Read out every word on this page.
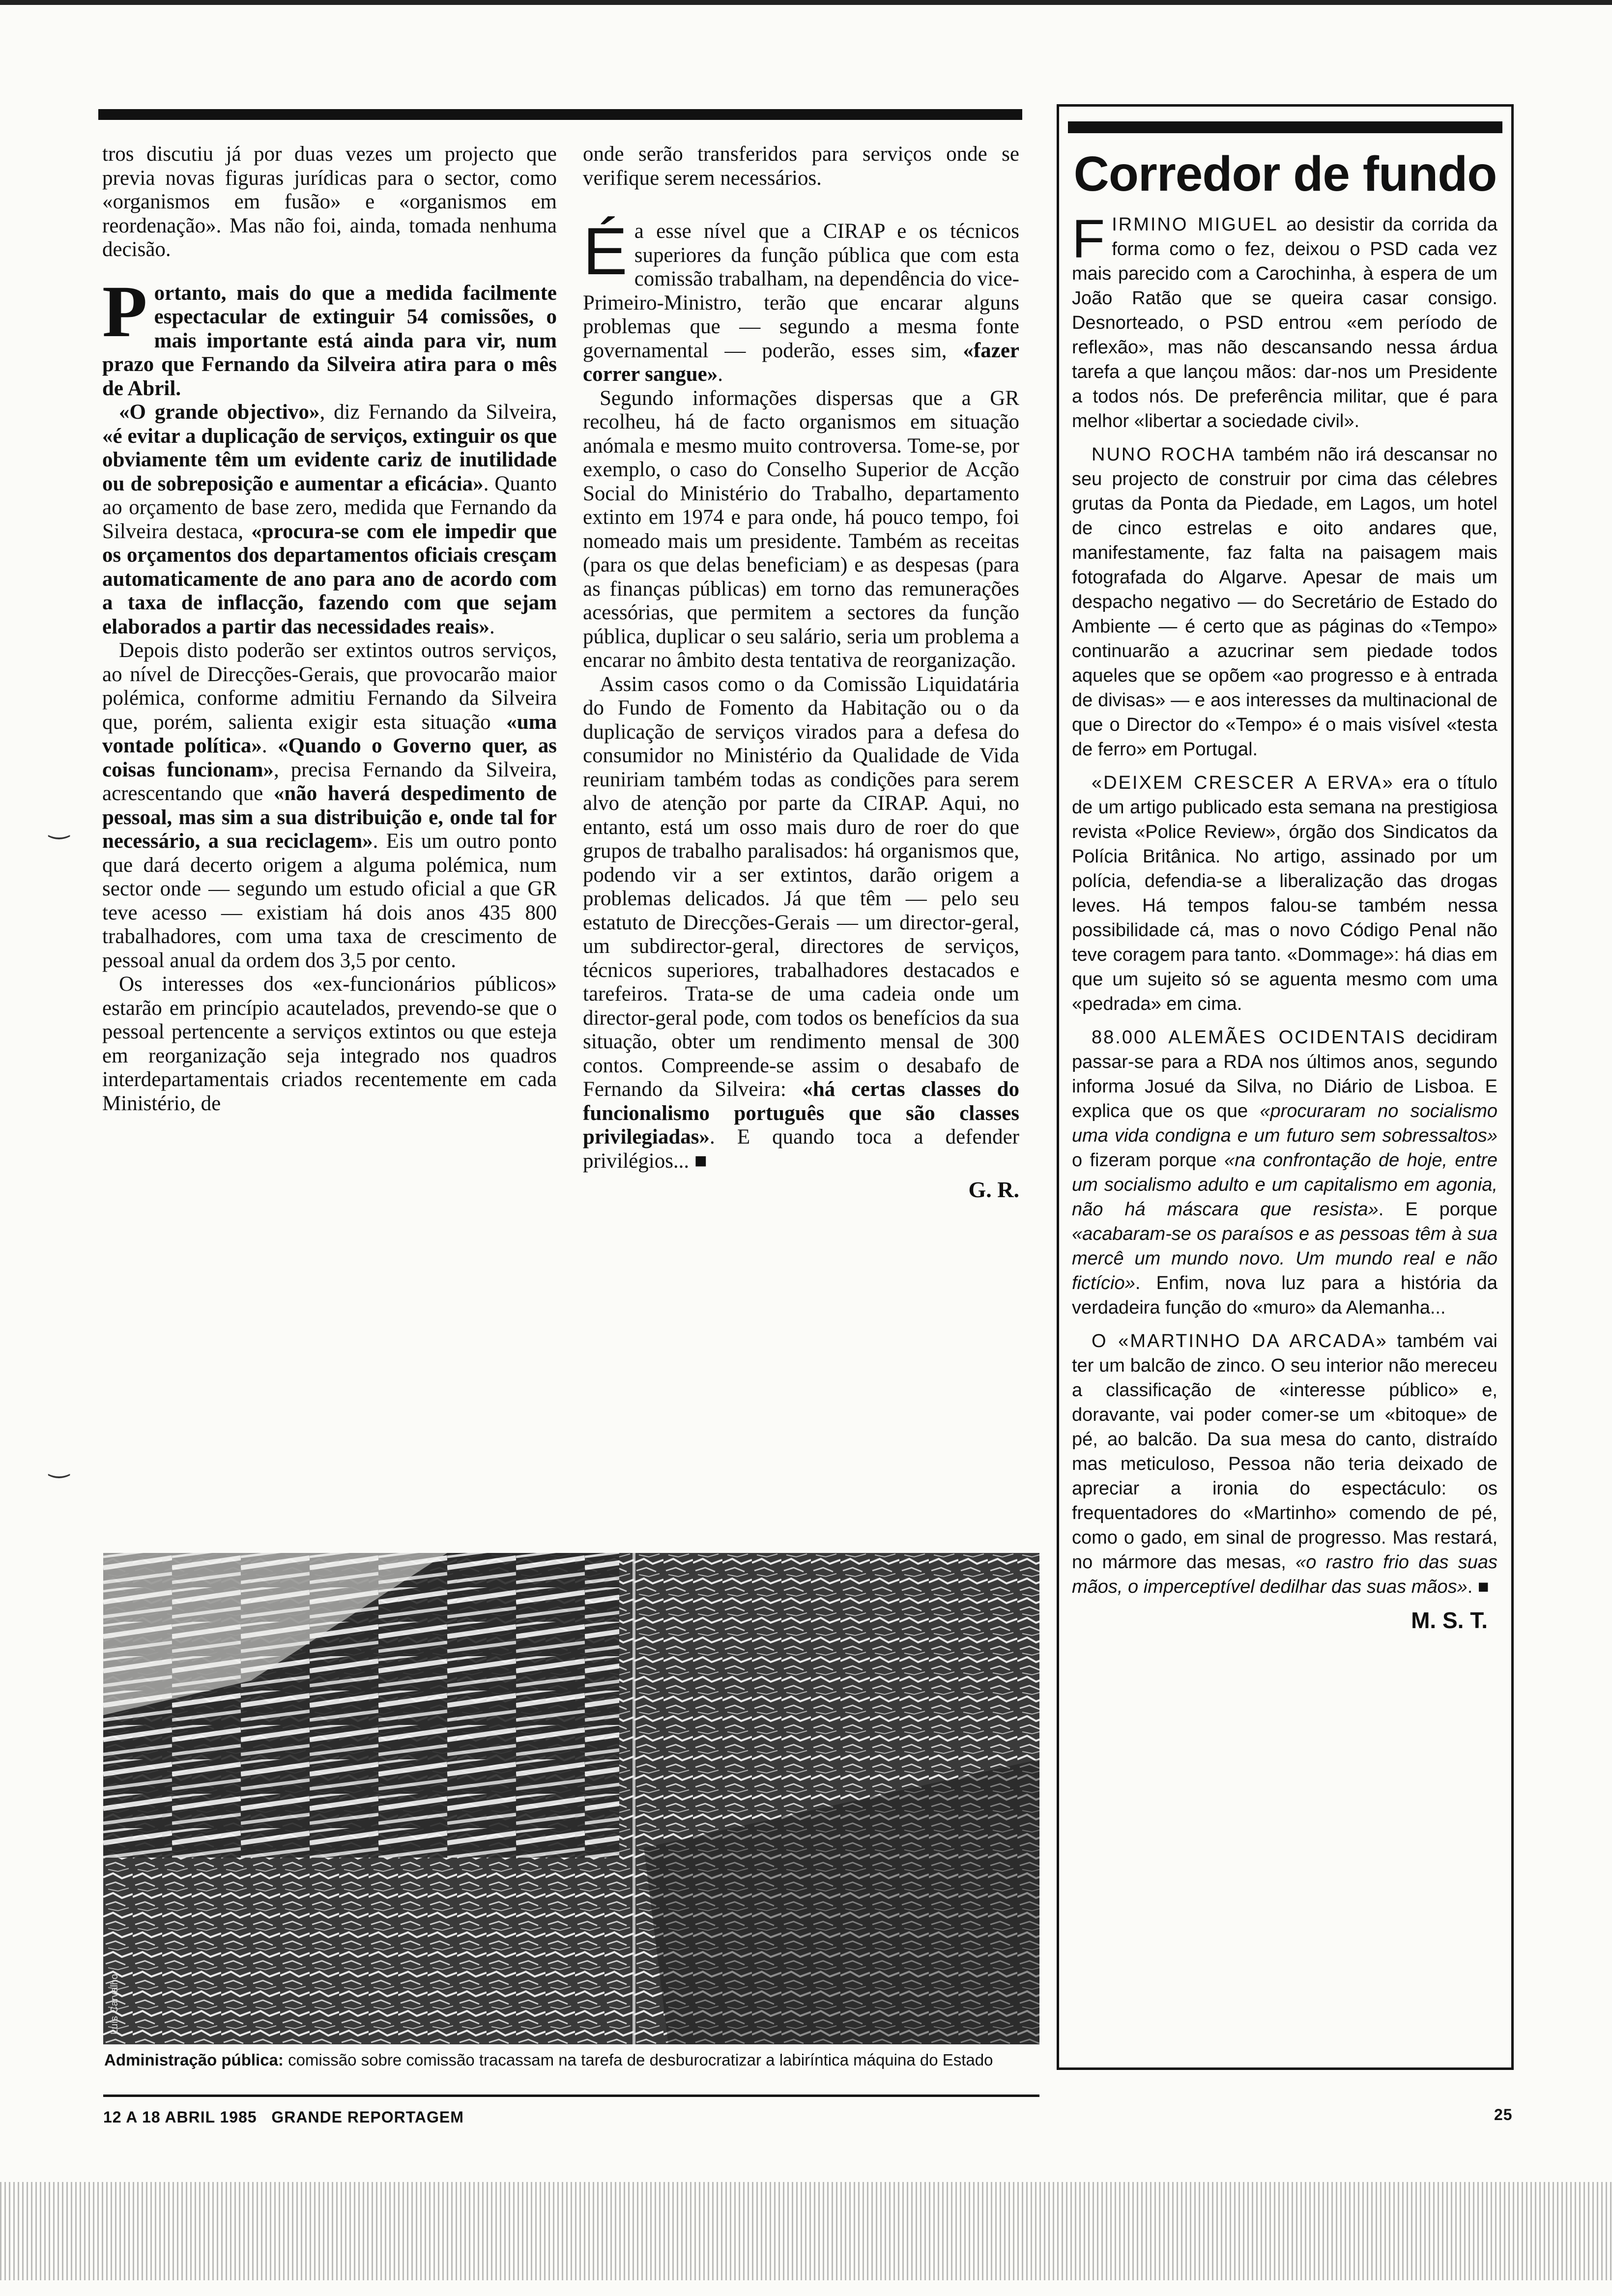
tros discutiu já por duas vezes um projecto que previa novas figuras jurídicas para o sector, como «organismos em fusão» e «organismos em reordenação». Mas não foi, ainda, tomada nenhuma decisão.

Portanto, mais do que a medida facilmente espectacular de extinguir 54 comissões, o mais importante está ainda para vir, num prazo que Fernando da Silveira atira para o mês de Abril.

«O grande objectivo», diz Fernando da Silveira, «é evitar a duplicação de serviços, extinguir os que obviamente têm um evidente cariz de inutilidade ou de sobreposição e aumentar a eficácia». Quanto ao orçamento de base zero, medida que Fernando da Silveira destaca, «procura-se com ele impedir que os orçamentos dos departamentos oficiais cresçam automaticamente de ano para ano de acordo com a taxa de inflacção, fazendo com que sejam elaborados a partir das necessidades reais».

Depois disto poderão ser extintos outros serviços, ao nível de Direcções-Gerais, que provocarão maior polémica, conforme admitiu Fernando da Silveira que, porém, salienta exigir esta situação «uma vontade política». «Quando o Governo quer, as coisas funcionam», precisa Fernando da Silveira, acrescentando que «não haverá despedimento de pessoal, mas sim a sua distribuição e, onde tal for necessário, a sua reciclagem». Eis um outro ponto que dará decerto origem a alguma polémica, num sector onde — segundo um estudo oficial a que GR teve acesso — existiam há dois anos 435 800 trabalhadores, com uma taxa de crescimento de pessoal anual da ordem dos 3,5 por cento.

Os interesses dos «ex-funcionários públicos» estarão em princípio acautelados, prevendo-se que o pessoal pertencente a serviços extintos ou que esteja em reorganização seja integrado nos quadros interdepartamentais criados recentemente em cada Ministério, de

onde serão transferidos para serviços onde se verifique serem necessários.

É a esse nível que a CIRAP e os técnicos superiores da função pública que com esta comissão trabalham, na dependência do vice-Primeiro-Ministro, terão que encarar alguns problemas que — segundo a mesma fonte governamental — poderão, esses sim, «fazer correr sangue».

Segundo informações dispersas que a GR recolheu, há de facto organismos em situação anómala e mesmo muito controversa. Tome-se, por exemplo, o caso do Conselho Superior de Acção Social do Ministério do Trabalho, departamento extinto em 1974 e para onde, há pouco tempo, foi nomeado mais um presidente. Também as receitas (para os que delas beneficiam) e as despesas (para as finanças públicas) em torno das remunerações acessórias, que permitem a sectores da função pública, duplicar o seu salário, seria um problema a encarar no âmbito desta tentativa de reorganização.

Assim casos como o da Comissão Liquidatária do Fundo de Fomento da Habitação ou o da duplicação de serviços virados para a defesa do consumidor no Ministério da Qualidade de Vida reuniriam também todas as condições para serem alvo de atenção por parte da CIRAP. Aqui, no entanto, está um osso mais duro de roer do que grupos de trabalho paralisados: há organismos que, podendo vir a ser extintos, darão origem a problemas delicados. Já que têm — pelo seu estatuto de Direcções-Gerais — um director-geral, um subdirector-geral, directores de serviços, técnicos superiores, trabalhadores destacados e tarefeiros. Trata-se de uma cadeia onde um director-geral pode, com todos os benefícios da sua situação, obter um rendimento mensal de 300 contos. Compreende-se assim o desabafo de Fernando da Silveira: «há certas classes do funcionalismo português que são classes privilegiadas». E quando toca a defender privilégios... ■

G. R.

Corredor de fundo

FIRMINO MIGUEL ao desistir da corrida da forma como o fez, deixou o PSD cada vez mais parecido com a Carochinha, à espera de um João Ratão que se queira casar consigo. Desnorteado, o PSD entrou «em período de reflexão», mas não descansando nessa árdua tarefa a que lançou mãos: dar-nos um Presidente a todos nós. De preferência militar, que é para melhor «libertar a sociedade civil».

NUNO ROCHA também não irá descansar no seu projecto de construir por cima das célebres grutas da Ponta da Piedade, em Lagos, um hotel de cinco estrelas e oito andares que, manifestamente, faz falta na paisagem mais fotografada do Algarve. Apesar de mais um despacho negativo — do Secretário de Estado do Ambiente — é certo que as páginas do «Tempo» continuarão a azucrinar sem piedade todos aqueles que se opõem «ao progresso e à entrada de divisas» — e aos interesses da multinacional de que o Director do «Tempo» é o mais visível «testa de ferro» em Portugal.

«DEIXEM CRESCER A ERVA» era o título de um artigo publicado esta semana na prestigiosa revista «Police Review», órgão dos Sindicatos da Polícia Britânica. No artigo, assinado por um polícia, defendia-se a liberalização das drogas leves. Há tempos falou-se também nessa possibilidade cá, mas o novo Código Penal não teve coragem para tanto. «Dommage»: há dias em que um sujeito só se aguenta mesmo com uma «pedrada» em cima.

88.000 ALEMÃES OCIDENTAIS decidiram passar-se para a RDA nos últimos anos, segundo informa Josué da Silva, no Diário de Lisboa. E explica que os que «procuraram no socialismo uma vida condigna e um futuro sem sobressaltos» o fizeram porque «na confrontação de hoje, entre um socialismo adulto e um capitalismo em agonia, não há máscara que resista». E porque «acabaram-se os paraísos e as pessoas têm à sua mercê um mundo novo. Um mundo real e não fictício». Enfim, nova luz para a história da verdadeira função do «muro» da Alemanha...

O «MARTINHO DA ARCADA» também vai ter um balcão de zinco. O seu interior não mereceu a classificação de «interesse público» e, doravante, vai poder comer-se um «bitoque» de pé, ao balcão. Da sua mesa do canto, distraído mas meticuloso, Pessoa não teria deixado de apreciar a ironia do espectáculo: os frequentadores do «Martinho» comendo de pé, como o gado, em sinal de progresso. Mas restará, no mármore das mesas, «o rastro frio das suas mãos, o imperceptível dedilhar das suas mãos». ■

M. S. T.

Luís Carvalho
Administração pública: comissão sobre comissão tracassam na tarefa de desburocratizar a labiríntica máquina do Estado
12 A 18 ABRIL 1985   GRANDE REPORTAGEM	25
‿
‿
